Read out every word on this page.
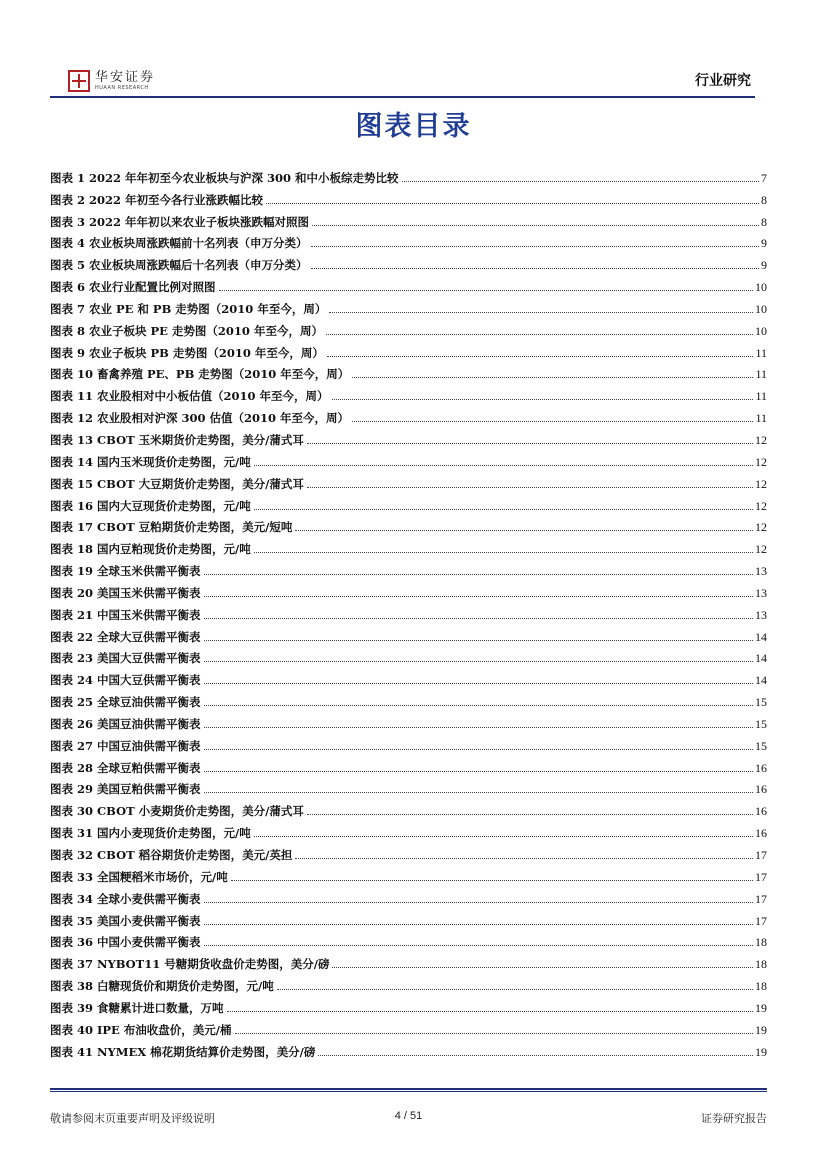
华安证券
HUAAN RESEARCH	行业研究
图表目录
图表 1 2022 年年初至今农业板块与沪深 300 和中小板综走势比较	7
图表 2 2022 年初至今各行业涨跌幅比较	8
图表 3 2022 年年初以来农业子板块涨跌幅对照图	8
图表 4 农业板块周涨跌幅前十名列表（申万分类）	9
图表 5 农业板块周涨跌幅后十名列表（申万分类）	9
图表 6 农业行业配置比例对照图	10
图表 7 农业 PE 和 PB 走势图（2010 年至今，周）	10
图表 8 农业子板块 PE 走势图（2010 年至今，周）	10
图表 9 农业子板块 PB 走势图（2010 年至今，周）	11
图表 10 畜禽养殖 PE、PB 走势图（2010 年至今，周）	11
图表 11 农业股相对中小板估值（2010 年至今，周）	11
图表 12 农业股相对沪深 300 估值（2010 年至今，周）	11
图表 13 CBOT 玉米期货价走势图，美分/蒲式耳	12
图表 14 国内玉米现货价走势图，元/吨	12
图表 15 CBOT 大豆期货价走势图，美分/蒲式耳	12
图表 16 国内大豆现货价走势图，元/吨	12
图表 17 CBOT 豆粕期货价走势图，美元/短吨	12
图表 18 国内豆粕现货价走势图，元/吨	12
图表 19 全球玉米供需平衡表	13
图表 20 美国玉米供需平衡表	13
图表 21 中国玉米供需平衡表	13
图表 22 全球大豆供需平衡表	14
图表 23 美国大豆供需平衡表	14
图表 24 中国大豆供需平衡表	14
图表 25 全球豆油供需平衡表	15
图表 26 美国豆油供需平衡表	15
图表 27 中国豆油供需平衡表	15
图表 28 全球豆粕供需平衡表	16
图表 29 美国豆粕供需平衡表	16
图表 30 CBOT 小麦期货价走势图，美分/蒲式耳	16
图表 31 国内小麦现货价走势图，元/吨	16
图表 32 CBOT 稻谷期货价走势图，美元/英担	17
图表 33 全国粳稻米市场价，元/吨	17
图表 34 全球小麦供需平衡表	17
图表 35 美国小麦供需平衡表	17
图表 36 中国小麦供需平衡表	18
图表 37 NYBOT11 号糖期货收盘价走势图，美分/磅	18
图表 38 白糖现货价和期货价走势图，元/吨	18
图表 39 食糖累计进口数量，万吨	19
图表 40 IPE 布油收盘价，美元/桶	19
图表 41 NYMEX 棉花期货结算价走势图，美分/磅	19
敬请参阅末页重要声明及评级说明	4 / 51	证券研究报告
